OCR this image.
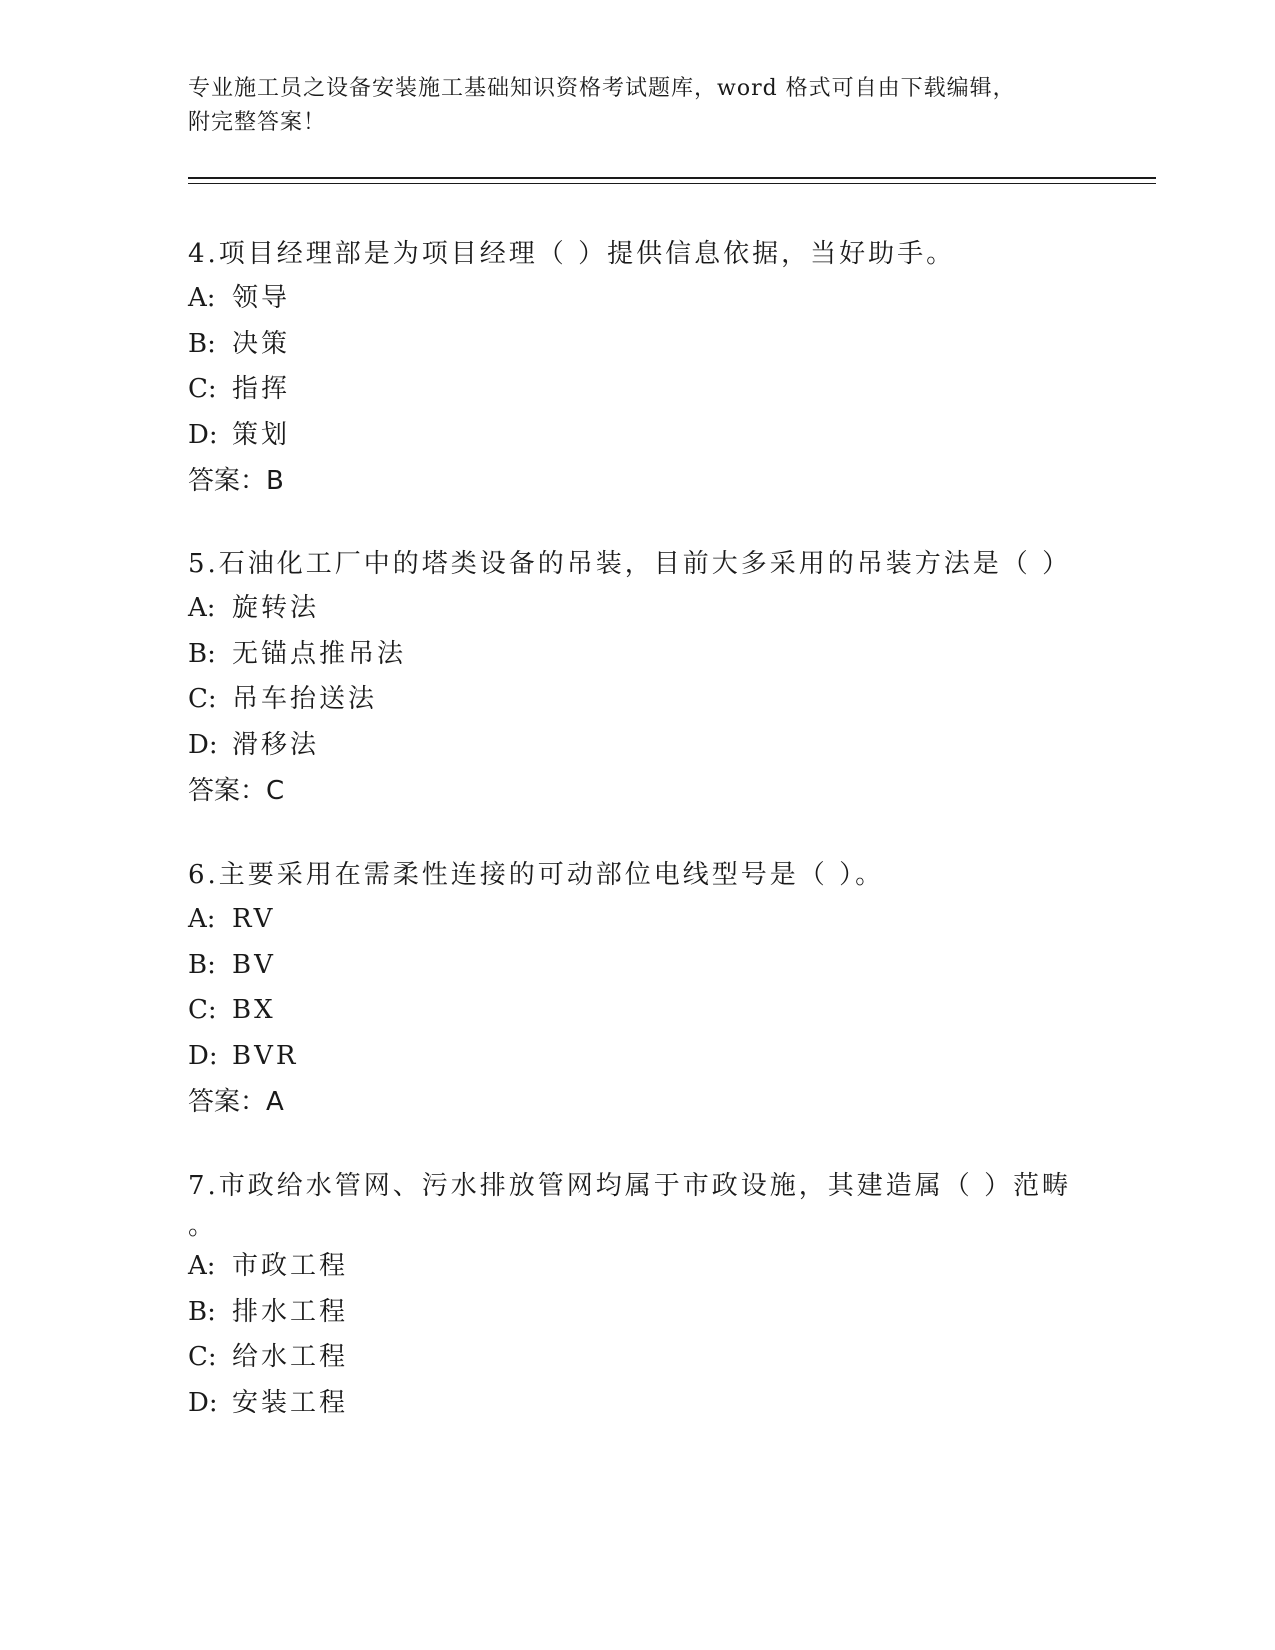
专业施工员之设备安装施工基础知识资格考试题库，word 格式可自由下载编辑，
附完整答案！

4.项目经理部是为项目经理（ ）提供信息依据，当好助手。

A: 领导

B: 决策

C: 指挥

D: 策划

答案：B

5.石油化工厂中的塔类设备的吊装，目前大多采用的吊装方法是（ ）

A: 旋转法

B: 无锚点推吊法

C: 吊车抬送法

D: 滑移法

答案：C

6.主要采用在需柔性连接的可动部位电线型号是（ ）。

A: RV

B: BV

C: BX

D: BVR

答案：A

7.市政给水管网、污水排放管网均属于市政设施，其建造属（ ）范畴

。

A: 市政工程

B: 排水工程

C: 给水工程

D: 安装工程
